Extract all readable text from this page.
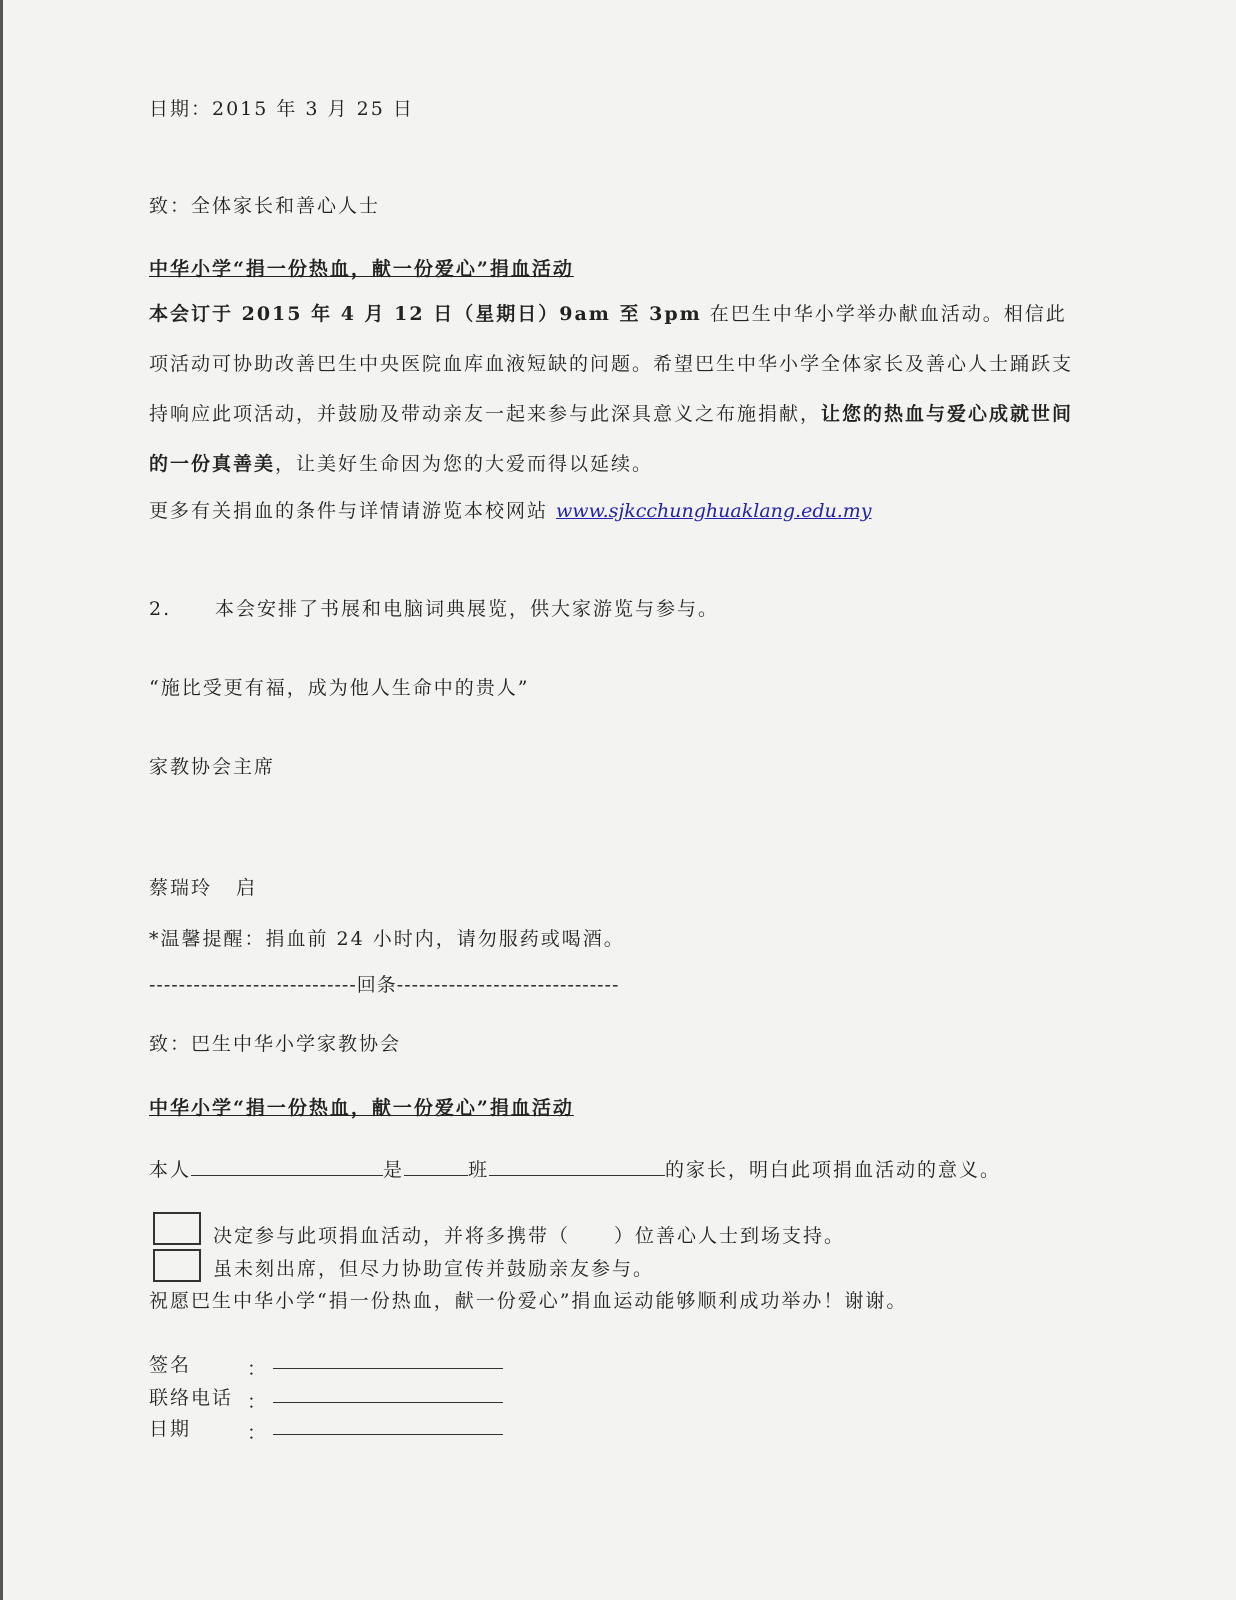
日期：2015 年 3 月 25 日
致：全体家长和善心人士
中华小学“捐一份热血，献一份爱心”捐血活动
本会订于 2015 年 4 月 12 日（星期日）9am 至 3pm 在巴生中华小学举办献血活动。相信此项活动可协助改善巴生中央医院血库血液短缺的问题。希望巴生中华小学全体家长及善心人士踊跃支持响应此项活动，并鼓励及带动亲友一起来参与此深具意义之布施捐献，让您的热血与爱心成就世间的一份真善美，让美好生命因为您的大爱而得以延续。
更多有关捐血的条件与详情请游览本校网站 www.sjkcchunghuaklang.edu.my
2. 本会安排了书展和电脑词典展览，供大家游览与参与。
“施比受更有福，成为他人生命中的贵人”
家教协会主席
蔡瑞玲 启
*温馨提醒：捐血前 24 小时内，请勿服药或喝酒。
----------------------------回条------------------------------
致：巴生中华小学家教协会
中华小学“捐一份热血，献一份爱心”捐血活动
本人	是	班	的家长，明白此项捐血活动的意义。
决定参与此项捐血活动，并将多携带（ ）位善心人士到场支持。
虽未刻出席，但尽力协助宣传并鼓励亲友参与。
祝愿巴生中华小学“捐一份热血，献一份爱心”捐血运动能够顺利成功举办！谢谢。
签名	：
联络电话 ：
日期	：
